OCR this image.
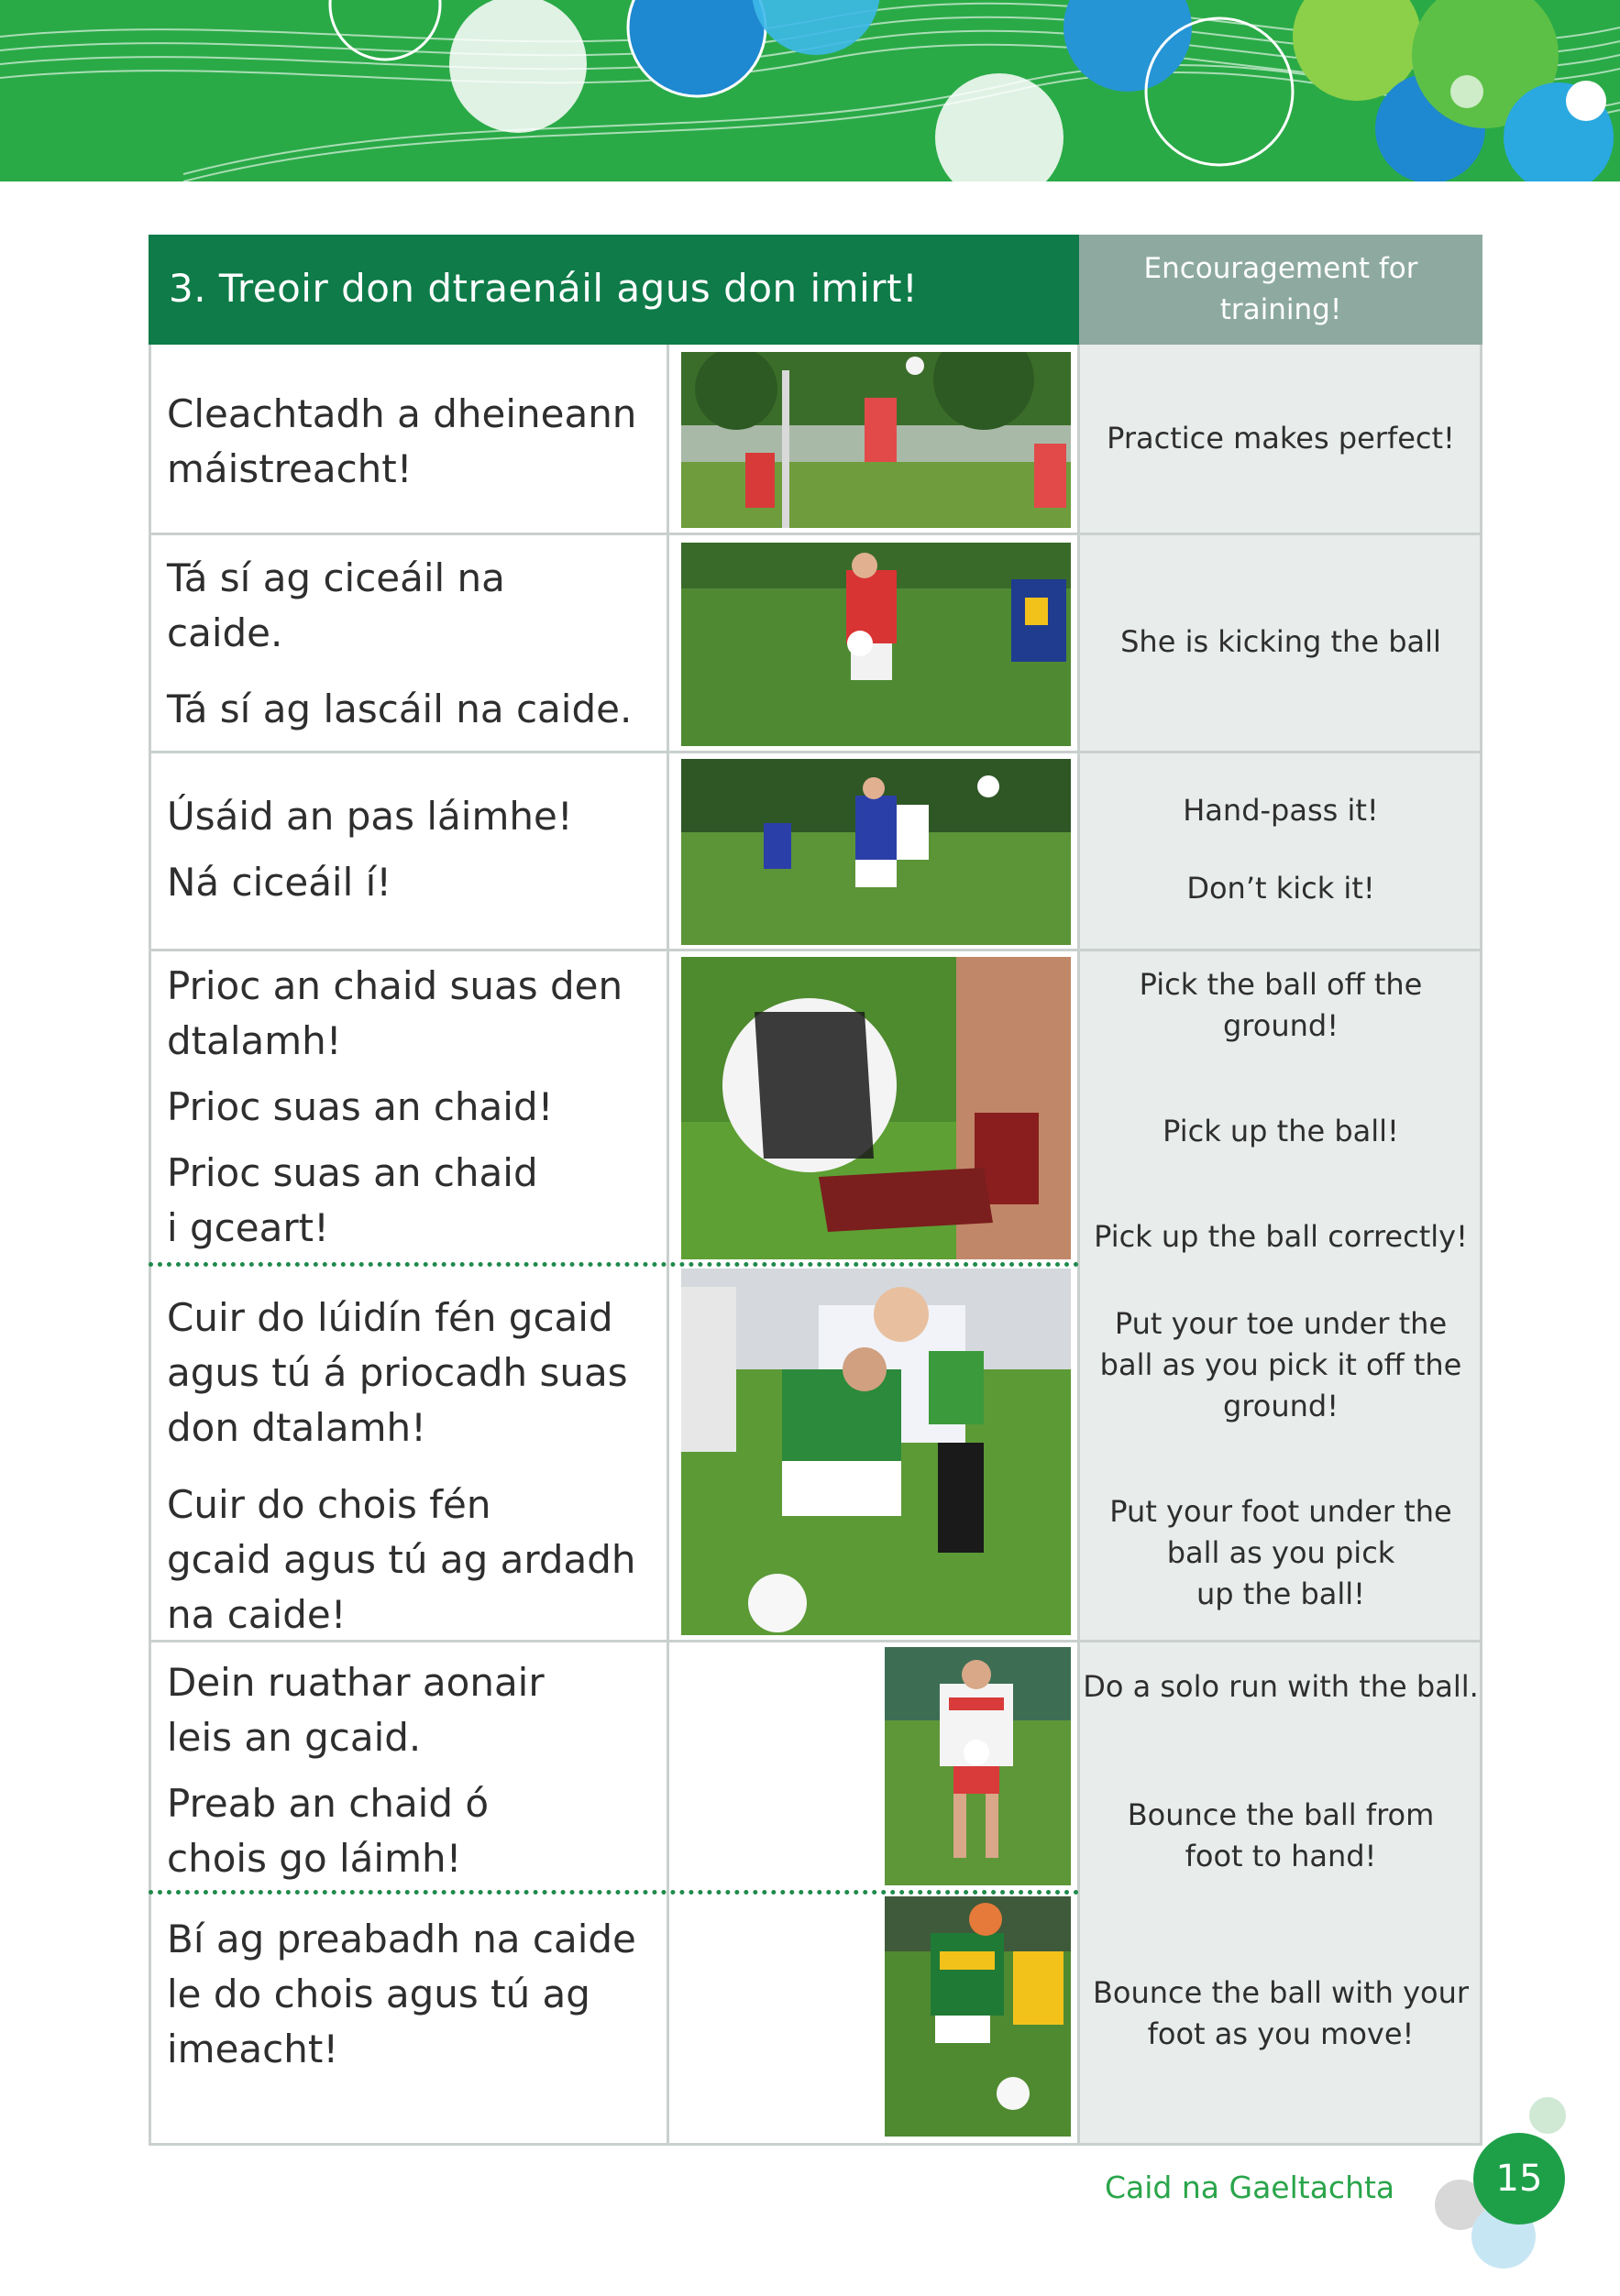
3. Treoir don dtraenáil agus don imirt!	Encouragement for training!
Cleachtadh a dheineann
máistreacht!
Practice makes perfect!
Tá sí ag ciceáil na
caide.
Tá sí ag lascáil na caide.
She is kicking the ball
Úsáid an pas láimhe!
Ná ciceáil í!
Hand-pass it!
Don’t kick it!
Prioc an chaid suas den
dtalamh!
Prioc suas an chaid!
Prioc suas an chaid
i gceart!
Pick the ball off the ground!
Pick up the ball!
Pick up the ball correctly!
Cuir do lúidín fén gcaid
agus tú á priocadh suas
don dtalamh!
Cuir do chois fén
gcaid agus tú ag ardadh
na caide!
Put your toe under the
ball as you pick it off the
ground!
Put your foot under the
ball as you pick
up the ball!
Dein ruathar aonair
leis an gcaid.
Preab an chaid ó
chois go láimh!
Do a solo run with the ball.
Bounce the ball from
foot to hand!
Bí ag preabadh na caide
le do chois agus tú ag
imeacht!
Bounce the ball with your
foot as you move!
Caid na Gaeltachta	15
